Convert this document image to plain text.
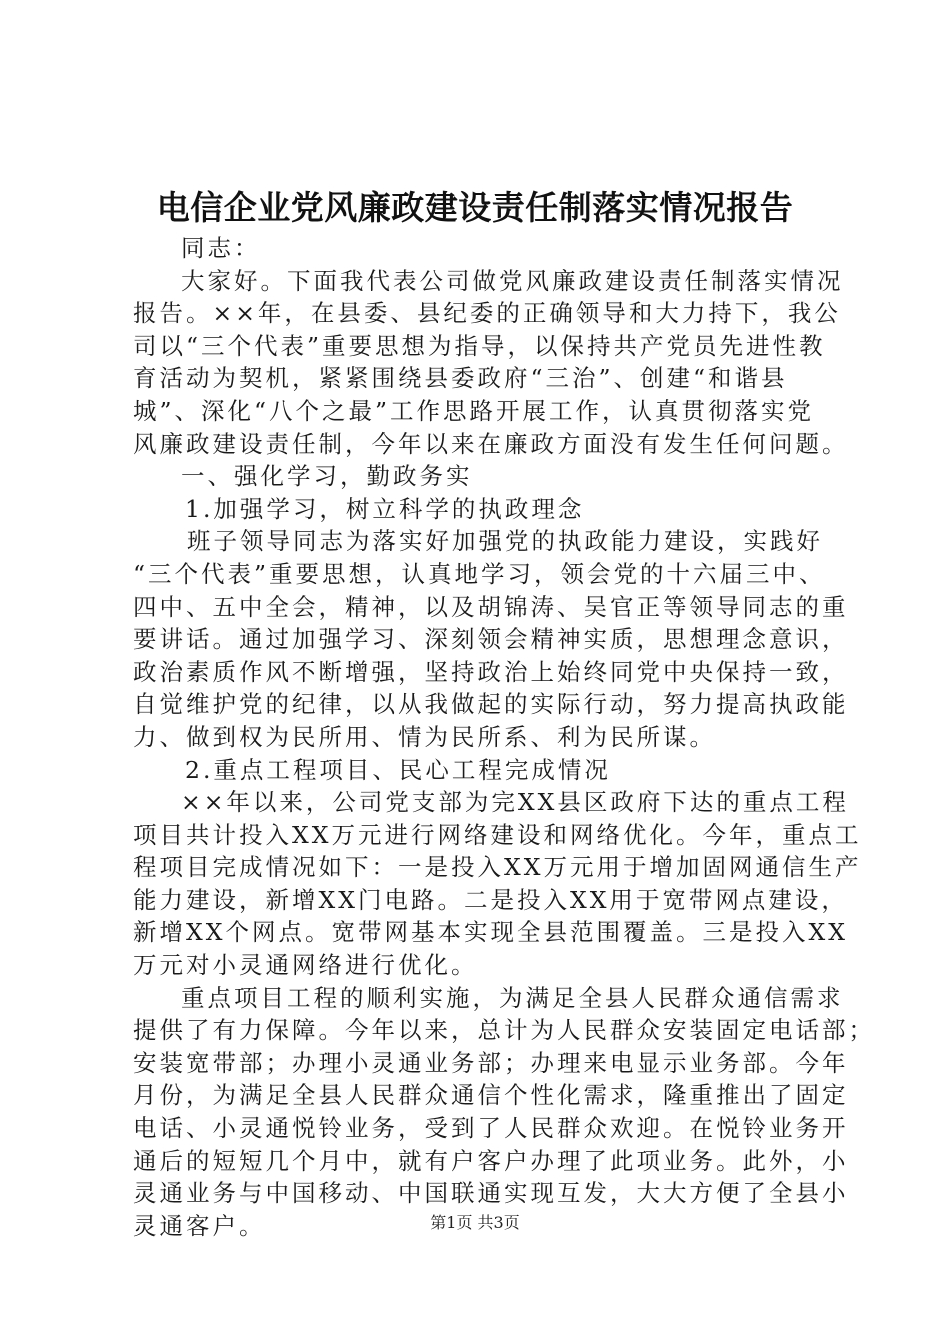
电信企业党风廉政建设责任制落实情况报告
同志：
大家好。下面我代表公司做党风廉政建设责任制落实情况
报告。××年，在县委、县纪委的正确领导和大力持下，我公
司以“三个代表”重要思想为指导，以保持共产党员先进性教
育活动为契机，紧紧围绕县委政府“三治”、创建“和谐县
城”、深化“八个之最”工作思路开展工作，认真贯彻落实党
风廉政建设责任制，今年以来在廉政方面没有发生任何问题。
一、强化学习，勤政务实
1.加强学习，树立科学的执政理念
班子领导同志为落实好加强党的执政能力建设，实践好
“三个代表”重要思想，认真地学习，领会党的十六届三中、
四中、五中全会，精神，以及胡锦涛、吴官正等领导同志的重
要讲话。通过加强学习、深刻领会精神实质，思想理念意识，
政治素质作风不断增强，坚持政治上始终同党中央保持一致，
自觉维护党的纪律，以从我做起的实际行动，努力提高执政能
力、做到权为民所用、情为民所系、利为民所谋。
2.重点工程项目、民心工程完成情况
××年以来，公司党支部为完XX县区政府下达的重点工程
项目共计投入XX万元进行网络建设和网络优化。今年，重点工
程项目完成情况如下：一是投入XX万元用于增加固网通信生产
能力建设，新增XX门电路。二是投入XX用于宽带网点建设，
新增XX个网点。宽带网基本实现全县范围覆盖。三是投入XX
万元对小灵通网络进行优化。
重点项目工程的顺利实施，为满足全县人民群众通信需求
提供了有力保障。今年以来，总计为人民群众安装固定电话部；
安装宽带部；办理小灵通业务部；办理来电显示业务部。今年
月份，为满足全县人民群众通信个性化需求，隆重推出了固定
电话、小灵通悦铃业务，受到了人民群众欢迎。在悦铃业务开
通后的短短几个月中，就有户客户办理了此项业务。此外，小
灵通业务与中国移动、中国联通实现互发，大大方便了全县小
灵通客户。	第1页 共3页
